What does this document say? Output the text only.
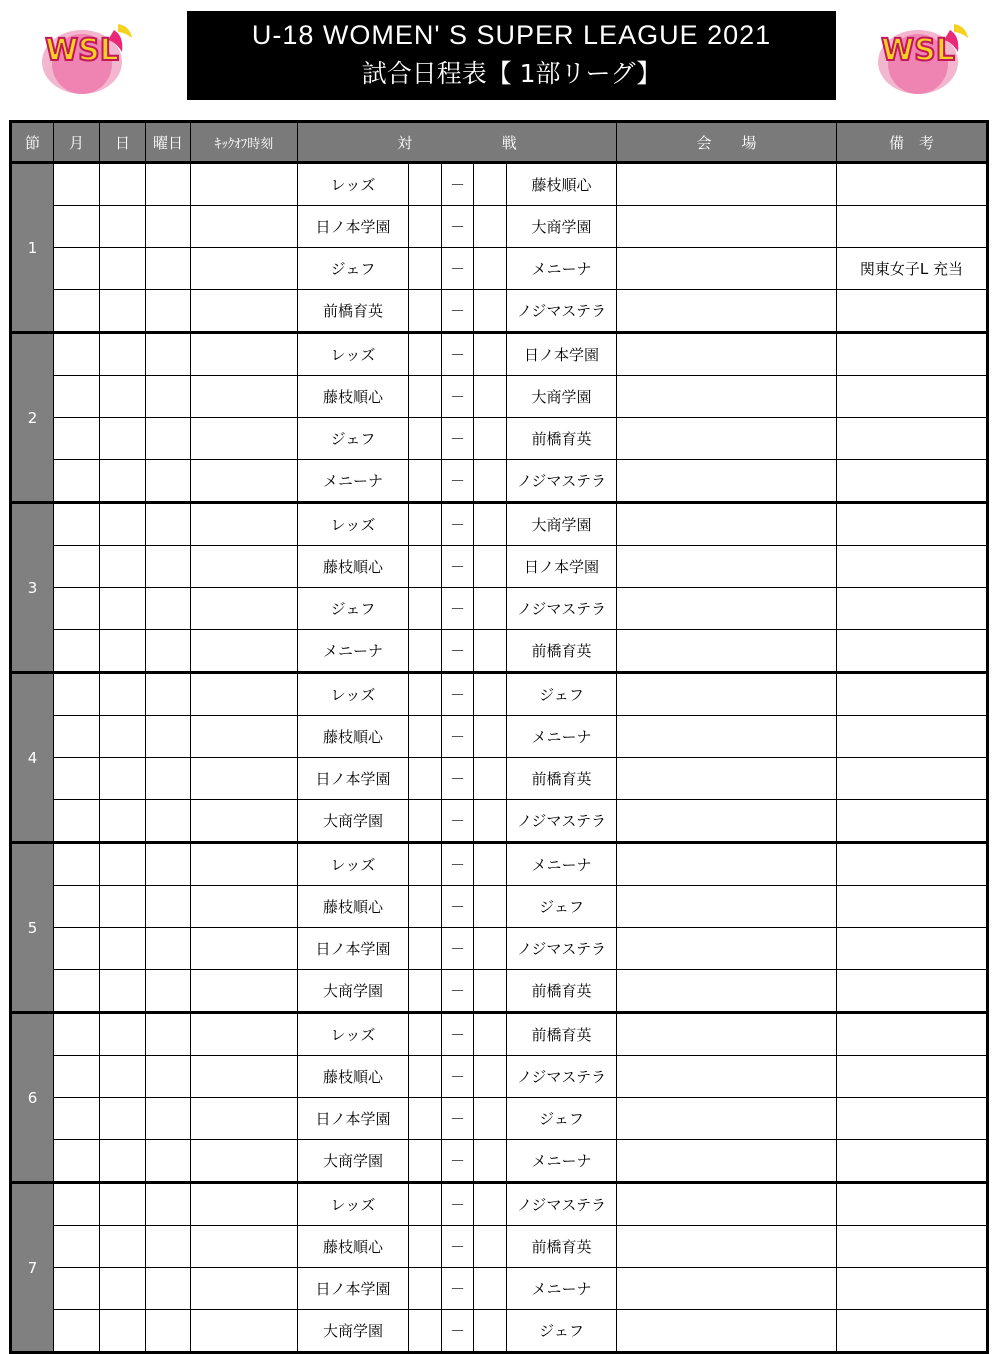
WSL	WSL
U-18 WOMEN' S SUPER LEAGUE 2021
試合日程表【 1部リーグ】
節	月	日	曜日	ｷｯｸｵﾌ時刻	対 戦					会　　場	備　考
1					レッズ		－		藤枝順心		
					日ノ本学園		－		大商学園		
					ジェフ		－		メニーナ		関東女子L 充当
					前橋育英		－		ノジマステラ		
2					レッズ		－		日ノ本学園		
					藤枝順心		－		大商学園		
					ジェフ		－		前橋育英		
					メニーナ		－		ノジマステラ		
3					レッズ		－		大商学園		
					藤枝順心		－		日ノ本学園		
					ジェフ		－		ノジマステラ		
					メニーナ		－		前橋育英		
4					レッズ		－		ジェフ		
					藤枝順心		－		メニーナ		
					日ノ本学園		－		前橋育英		
					大商学園		－		ノジマステラ		
5					レッズ		－		メニーナ		
					藤枝順心		－		ジェフ		
					日ノ本学園		－		ノジマステラ		
					大商学園		－		前橋育英		
6					レッズ		－		前橋育英		
					藤枝順心		－		ノジマステラ		
					日ノ本学園		－		ジェフ		
					大商学園		－		メニーナ		
7					レッズ		－		ノジマステラ		
					藤枝順心		－		前橋育英		
					日ノ本学園		－		メニーナ		
					大商学園		－		ジェフ		
